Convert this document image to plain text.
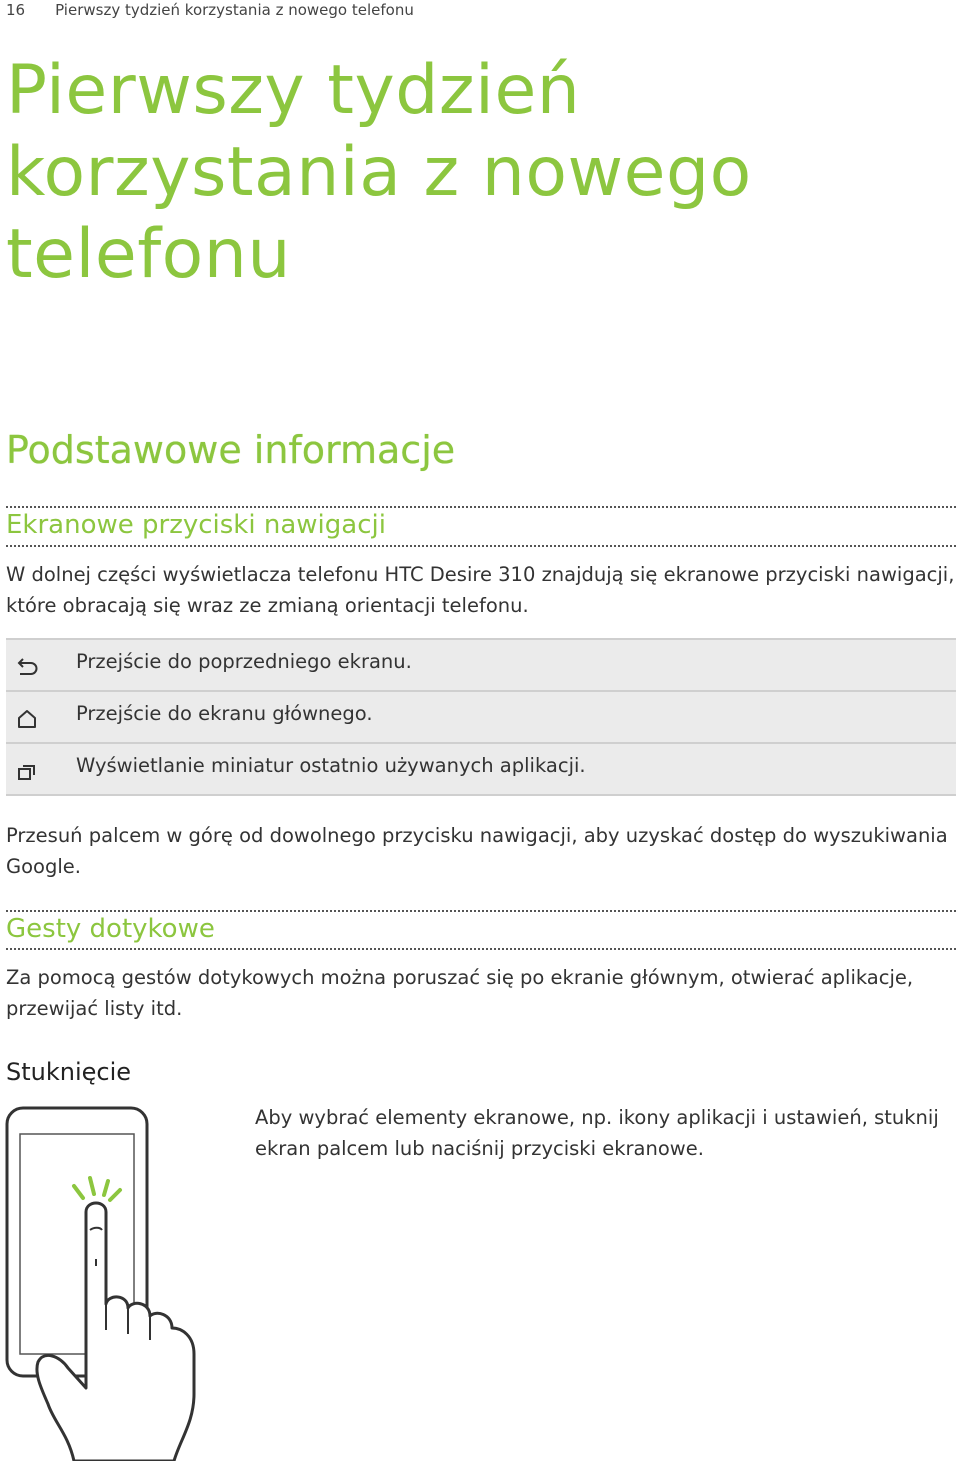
16 Pierwszy tydzień korzystania z nowego telefonu
Pierwszy tydzień
korzystania z nowego
telefonu
Podstawowe informacje
Ekranowe przyciski nawigacji

W dolnej części wyświetlacza telefonu HTC Desire 310 znajdują się ekranowe przyciski nawigacji, które obracają się wraz ze zmianą orientacji telefonu.

Przejście do poprzedniego ekranu.
Przejście do ekranu głównego.
Wyświetlanie miniatur ostatnio używanych aplikacji.

Przesuń palcem w górę od dowolnego przycisku nawigacji, aby uzyskać dostęp do wyszukiwania Google.

Gesty dotykowe

Za pomocą gestów dotykowych można poruszać się po ekranie głównym, otwierać aplikacje, przewijać listy itd.

Stuknięcie

Aby wybrać elementy ekranowe, np. ikony aplikacji i ustawień, stuknij ekran palcem lub naciśnij przyciski ekranowe.
